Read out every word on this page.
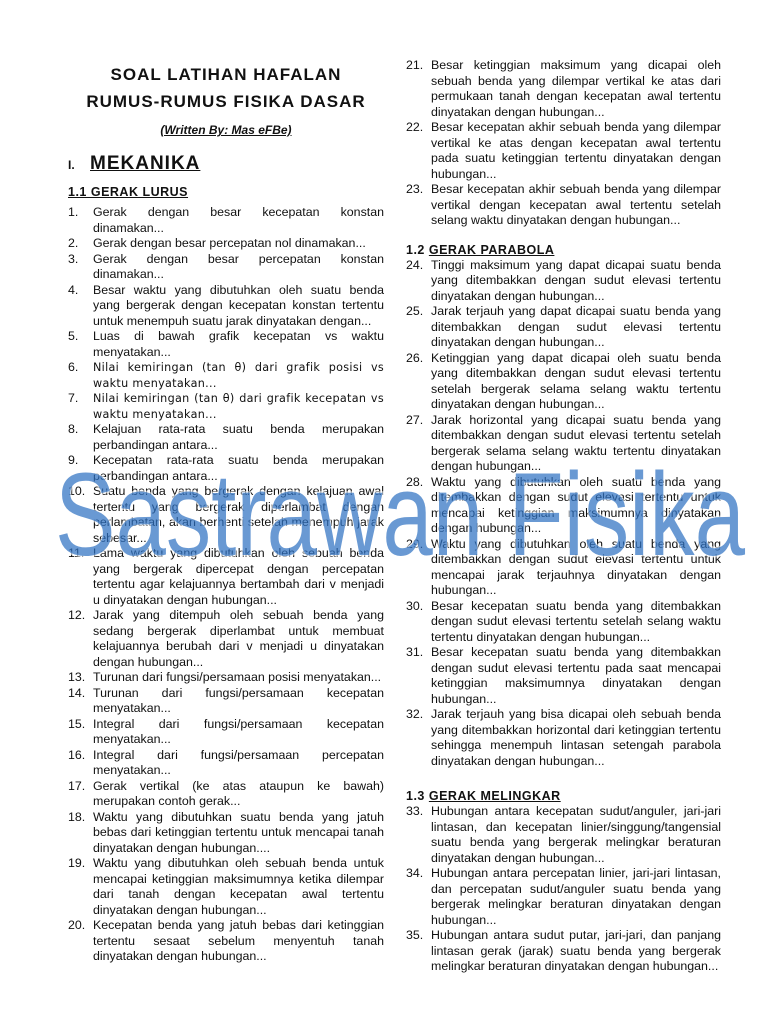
SOAL LATIHAN HAFALAN
RUMUS-RUMUS FISIKA DASAR
(Written By: Mas eFBe)
I. MEKANIKA
1.1 GERAK LURUS
1.	Gerak dengan besar kecepatan konstan dinamakan...
2.	Gerak dengan besar percepatan nol dinamakan...
3.	Gerak dengan besar percepatan konstan dinamakan...
4.	Besar waktu yang dibutuhkan oleh suatu benda yang bergerak dengan kecepatan konstan tertentu untuk menempuh suatu jarak dinyatakan dengan...
5.	Luas di bawah grafik kecepatan vs waktu menyatakan...
6.	Nilai kemiringan (tan θ) dari grafik posisi vs waktu menyatakan...
7.	Nilai kemiringan (tan θ) dari grafik kecepatan vs waktu menyatakan...
8.	Kelajuan rata-rata suatu benda merupakan perbandingan antara...
9.	Kecepatan rata-rata suatu benda merupakan perbandingan antara...
10. Suatu benda yang bergerak dengan kelajuan awal tertentu yang bergerak diperlambat dengan perlambatan, akan berhenti setelah menempuh jarak sebesar...
11. Lama waktu yang dibutuhkan oleh sebuah benda yang bergerak dipercepat dengan percepatan tertentu agar kelajuannya bertambah dari v menjadi u dinyatakan dengan hubungan...
12. Jarak yang ditempuh oleh sebuah benda yang sedang bergerak diperlambat untuk membuat kelajuannya berubah dari v menjadi u dinyatakan dengan hubungan...
13. Turunan dari fungsi/persamaan posisi menyatakan...
14. Turunan dari fungsi/persamaan kecepatan menyatakan...
15. Integral dari fungsi/persamaan kecepatan menyatakan...
16. Integral dari fungsi/persamaan percepatan menyatakan...
17. Gerak vertikal (ke atas ataupun ke bawah) merupakan contoh gerak...
18. Waktu yang dibutuhkan suatu benda yang jatuh bebas dari ketinggian tertentu untuk mencapai tanah dinyatakan dengan hubungan....
19. Waktu yang dibutuhkan oleh sebuah benda untuk mencapai ketinggian maksimumnya ketika dilempar dari tanah dengan kecepatan awal tertentu dinyatakan dengan hubungan...
20. Kecepatan benda yang jatuh bebas dari ketinggian tertentu sesaat sebelum menyentuh tanah dinyatakan dengan hubungan...
21. Besar ketinggian maksimum yang dicapai oleh sebuah benda yang dilempar vertikal ke atas dari permukaan tanah dengan kecepatan awal tertentu dinyatakan dengan hubungan...
22. Besar kecepatan akhir sebuah benda yang dilempar vertikal ke atas dengan kecepatan awal tertentu pada suatu ketinggian tertentu dinyatakan dengan hubungan...
23. Besar kecepatan akhir sebuah benda yang dilempar vertikal dengan kecepatan awal tertentu setelah selang waktu dinyatakan dengan hubungan...
1.2 GERAK PARABOLA
24. Tinggi maksimum yang dapat dicapai suatu benda yang ditembakkan dengan sudut elevasi tertentu dinyatakan dengan hubungan...
25. Jarak terjauh yang dapat dicapai suatu benda yang ditembakkan dengan sudut elevasi tertentu dinyatakan dengan hubungan...
26. Ketinggian yang dapat dicapai oleh suatu benda yang ditembakkan dengan sudut elevasi tertentu setelah bergerak selama selang waktu tertentu dinyatakan dengan hubungan...
27. Jarak horizontal yang dicapai suatu benda yang ditembakkan dengan sudut elevasi tertentu setelah bergerak selama selang waktu tertentu dinyatakan dengan hubungan...
28. Waktu yang dibutuhkan oleh suatu benda yang ditembakkan dengan sudut elevasi tertentu untuk mencapai ketinggian maksimumnya dinyatakan dengan hubungan...
29. Waktu yang dibutuhkan oleh suatu benda yang ditembakkan dengan sudut elevasi tertentu untuk mencapai jarak terjauhnya dinyatakan dengan hubungan...
30. Besar kecepatan suatu benda yang ditembakkan dengan sudut elevasi tertentu setelah selang waktu tertentu dinyatakan dengan hubungan...
31. Besar kecepatan suatu benda yang ditembakkan dengan sudut elevasi tertentu pada saat mencapai ketinggian maksimumnya dinyatakan dengan hubungan...
32. Jarak terjauh yang bisa dicapai oleh sebuah benda yang ditembakkan horizontal dari ketinggian tertentu sehingga menempuh lintasan setengah parabola dinyatakan dengan hubungan...
1.3 GERAK MELINGKAR
33. Hubungan antara kecepatan sudut/anguler, jari-jari lintasan, dan kecepatan linier/singgung/tangensial suatu benda yang bergerak melingkar beraturan dinyatakan dengan hubungan...
34. Hubungan antara percepatan linier, jari-jari lintasan, dan percepatan sudut/anguler suatu benda yang bergerak melingkar beraturan dinyatakan dengan hubungan...
35. Hubungan antara sudut putar, jari-jari, dan panjang lintasan gerak (jarak) suatu benda yang bergerak melingkar beraturan dinyatakan dengan hubungan...
Sastrawan Fisika
